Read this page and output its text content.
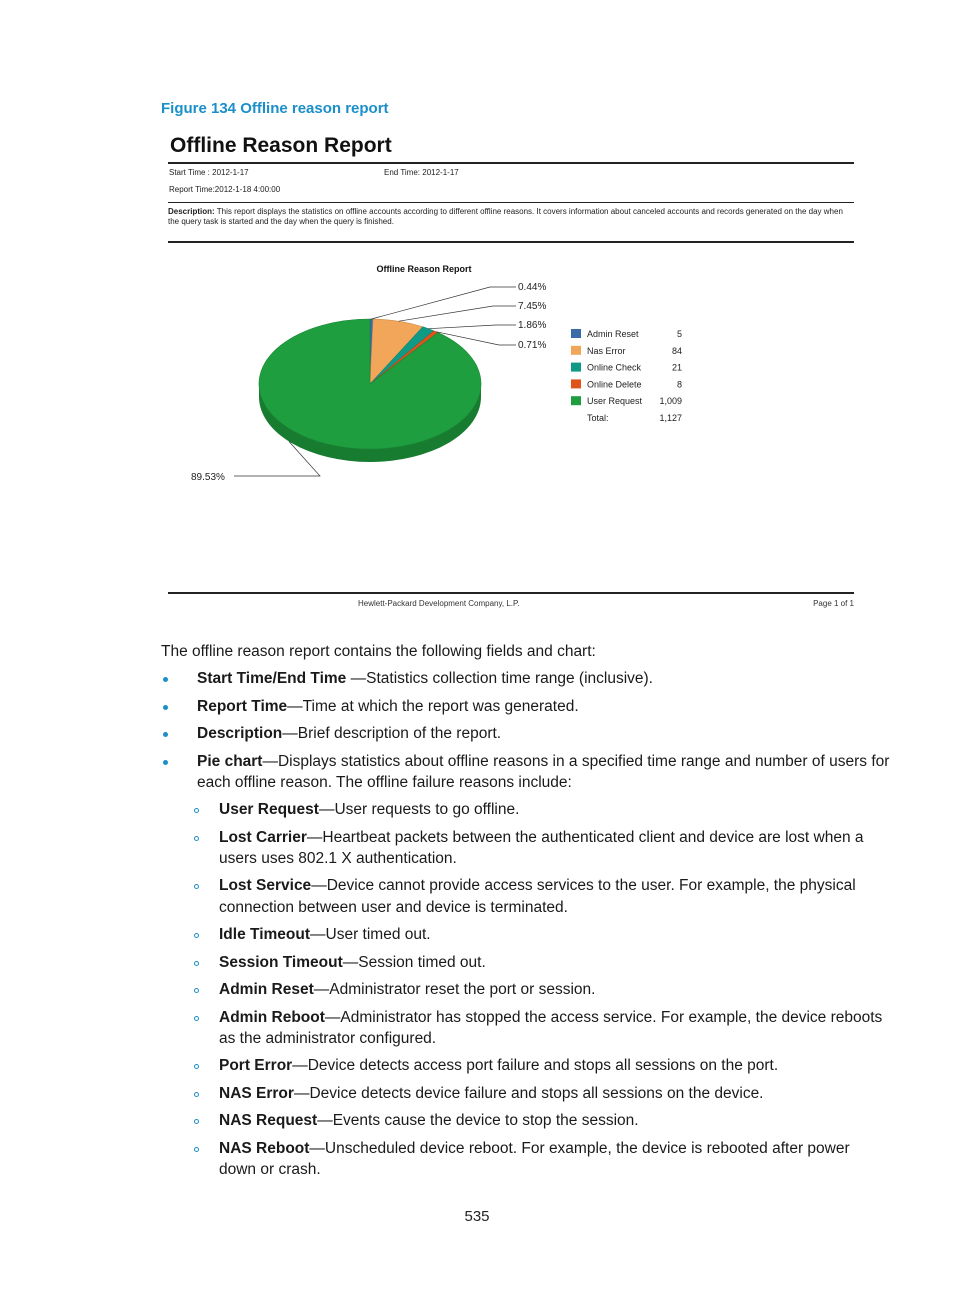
Figure 134 Offline reason report
Offline Reason Report
Start Time : 2012-1-17	End Time: 2012-1-17
Report Time:2012-1-18 4:00:00
Description: This report displays the statistics on offline accounts according to different offline reasons. It covers information about canceled accounts and records generated on the day when the query task is started and the day when the query is finished.
Offline Reason Report
0.44%
7.45%
1.86%
0.71%
89.53%
Admin Reset	5
Nas Error	84
Online Check	21
Online Delete	8
User Request 1,009
Total:	1,127
Hewlett-Packard Development Company, L.P.	Page 1 of 1
The offline reason report contains the following fields and chart:
Start Time/End Time —Statistics collection time range (inclusive).
Report Time—Time at which the report was generated.
Description—Brief description of the report.
Pie chart—Displays statistics about offline reasons in a specified time range and number of users for
each offline reason. The offline failure reasons include:
User Request—User requests to go offline.
Lost Carrier—Heartbeat packets between the authenticated client and device are lost when a
users uses 802.1 X authentication.
Lost Service—Device cannot provide access services to the user. For example, the physical
connection between user and device is terminated.
Idle Timeout—User timed out.
Session Timeout—Session timed out.
Admin Reset—Administrator reset the port or session.
Admin Reboot—Administrator has stopped the access service. For example, the device reboots
as the administrator configured.
Port Error—Device detects access port failure and stops all sessions on the port.
NAS Error—Device detects device failure and stops all sessions on the device.
NAS Request—Events cause the device to stop the session.
NAS Reboot—Unscheduled device reboot. For example, the device is rebooted after power
down or crash.
535
